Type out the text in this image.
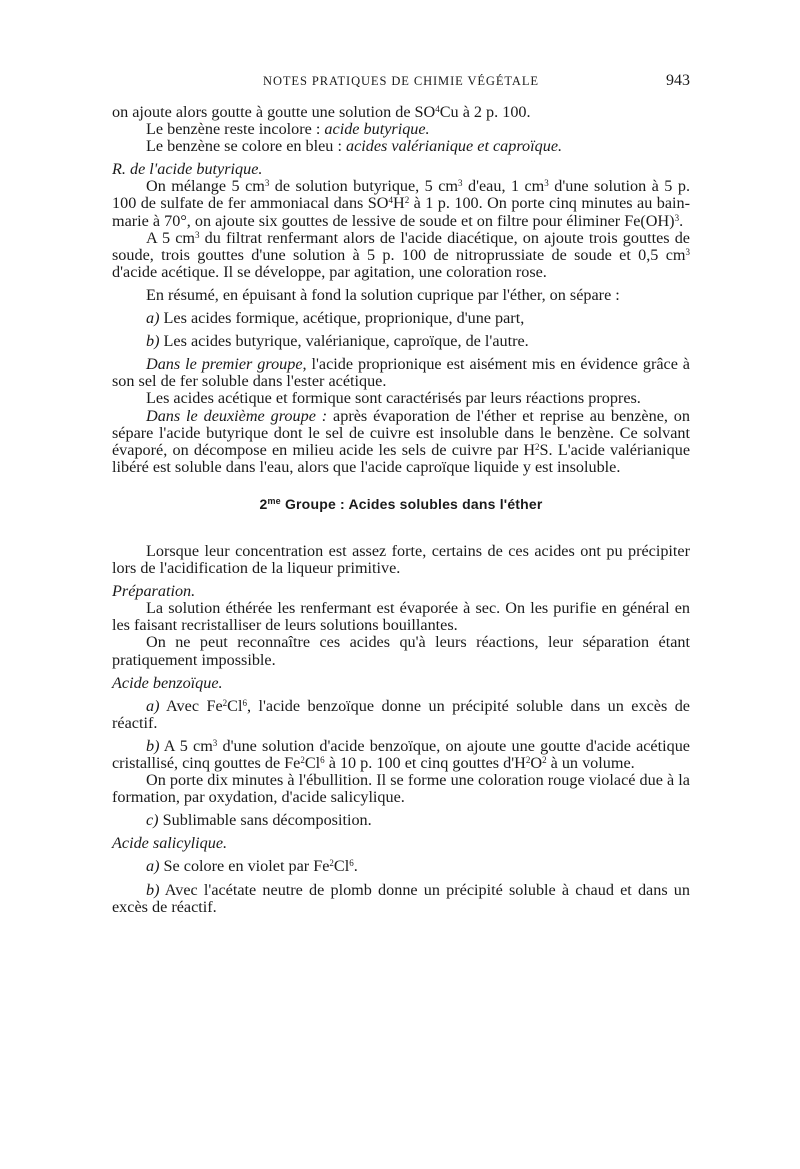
NOTES PRATIQUES DE CHIMIE VÉGÉTALE	943

on ajoute alors goutte à goutte une solution de $SO^4Cu$ à 2 p. 100.

Le benzène reste incolore : acide butyrique.

Le benzène se colore en bleu : acides valérianique et caproïque.

R. de l'acide butyrique.

On mélange 5 $cm^3$ de solution butyrique, 5 $cm^3$ d'eau, 1 $cm^3$ d'une solution à 5 p. 100 de sulfate de fer ammoniacal dans $SO^4H^2$ à 1 p. 100. On porte cinq minutes au bain-marie à 70°, on ajoute six gouttes de lessive de soude et on filtre pour éliminer Fe(OH)$^3$.

A 5 $cm^3$ du filtrat renfermant alors de l'acide diacétique, on ajoute trois gouttes de soude, trois gouttes d'une solution à 5 p. 100 de nitroprussiate de soude et 0,5 $cm^3$ d'acide acétique. Il se développe, par agitation, une coloration rose.

En résumé, en épuisant à fond la solution cuprique par l'éther, on sépare :

a) Les acides formique, acétique, proprionique, d'une part,

b) Les acides butyrique, valérianique, caproïque, de l'autre.

Dans le premier groupe, l'acide proprionique est aisément mis en évidence grâce à son sel de fer soluble dans l'ester acétique.

Les acides acétique et formique sont caractérisés par leurs réactions propres.

Dans le deuxième groupe : après évaporation de l'éther et reprise au benzène, on sépare l'acide butyrique dont le sel de cuivre est insoluble dans le benzène. Ce solvant évaporé, on décompose en milieu acide les sels de cuivre par $H^2S$. L'acide valérianique libéré est soluble dans l'eau, alors que l'acide caproïque liquide y est insoluble.

$2^{me}$ Groupe : Acides solubles dans l'éther

Lorsque leur concentration est assez forte, certains de ces acides ont pu précipiter lors de l'acidification de la liqueur primitive.

Préparation.

La solution éthérée les renfermant est évaporée à sec. On les purifie en général en les faisant recristalliser de leurs solutions bouillantes.

On ne peut reconnaître ces acides qu'à leurs réactions, leur séparation étant pratiquement impossible.

Acide benzoïque.

a) Avec Fe$^2$Cl$^6$, l'acide benzoïque donne un précipité soluble dans un excès de réactif.

b) A 5 $cm^3$ d'une solution d'acide benzoïque, on ajoute une goutte d'acide acétique cristallisé, cinq gouttes de Fe$^2$Cl$^6$ à 10 p. 100 et cinq gouttes $d'H^2O^2$ à un volume.

On porte dix minutes à l'ébullition. Il se forme une coloration rouge violacé due à la formation, par oxydation, d'acide salicylique.

c) Sublimable sans décomposition.

Acide salicylique.

a) Se colore en violet par Fe$^2$Cl$^6$.

b) Avec l'acétate neutre de plomb donne un précipité soluble à chaud et dans un excès de réactif.
